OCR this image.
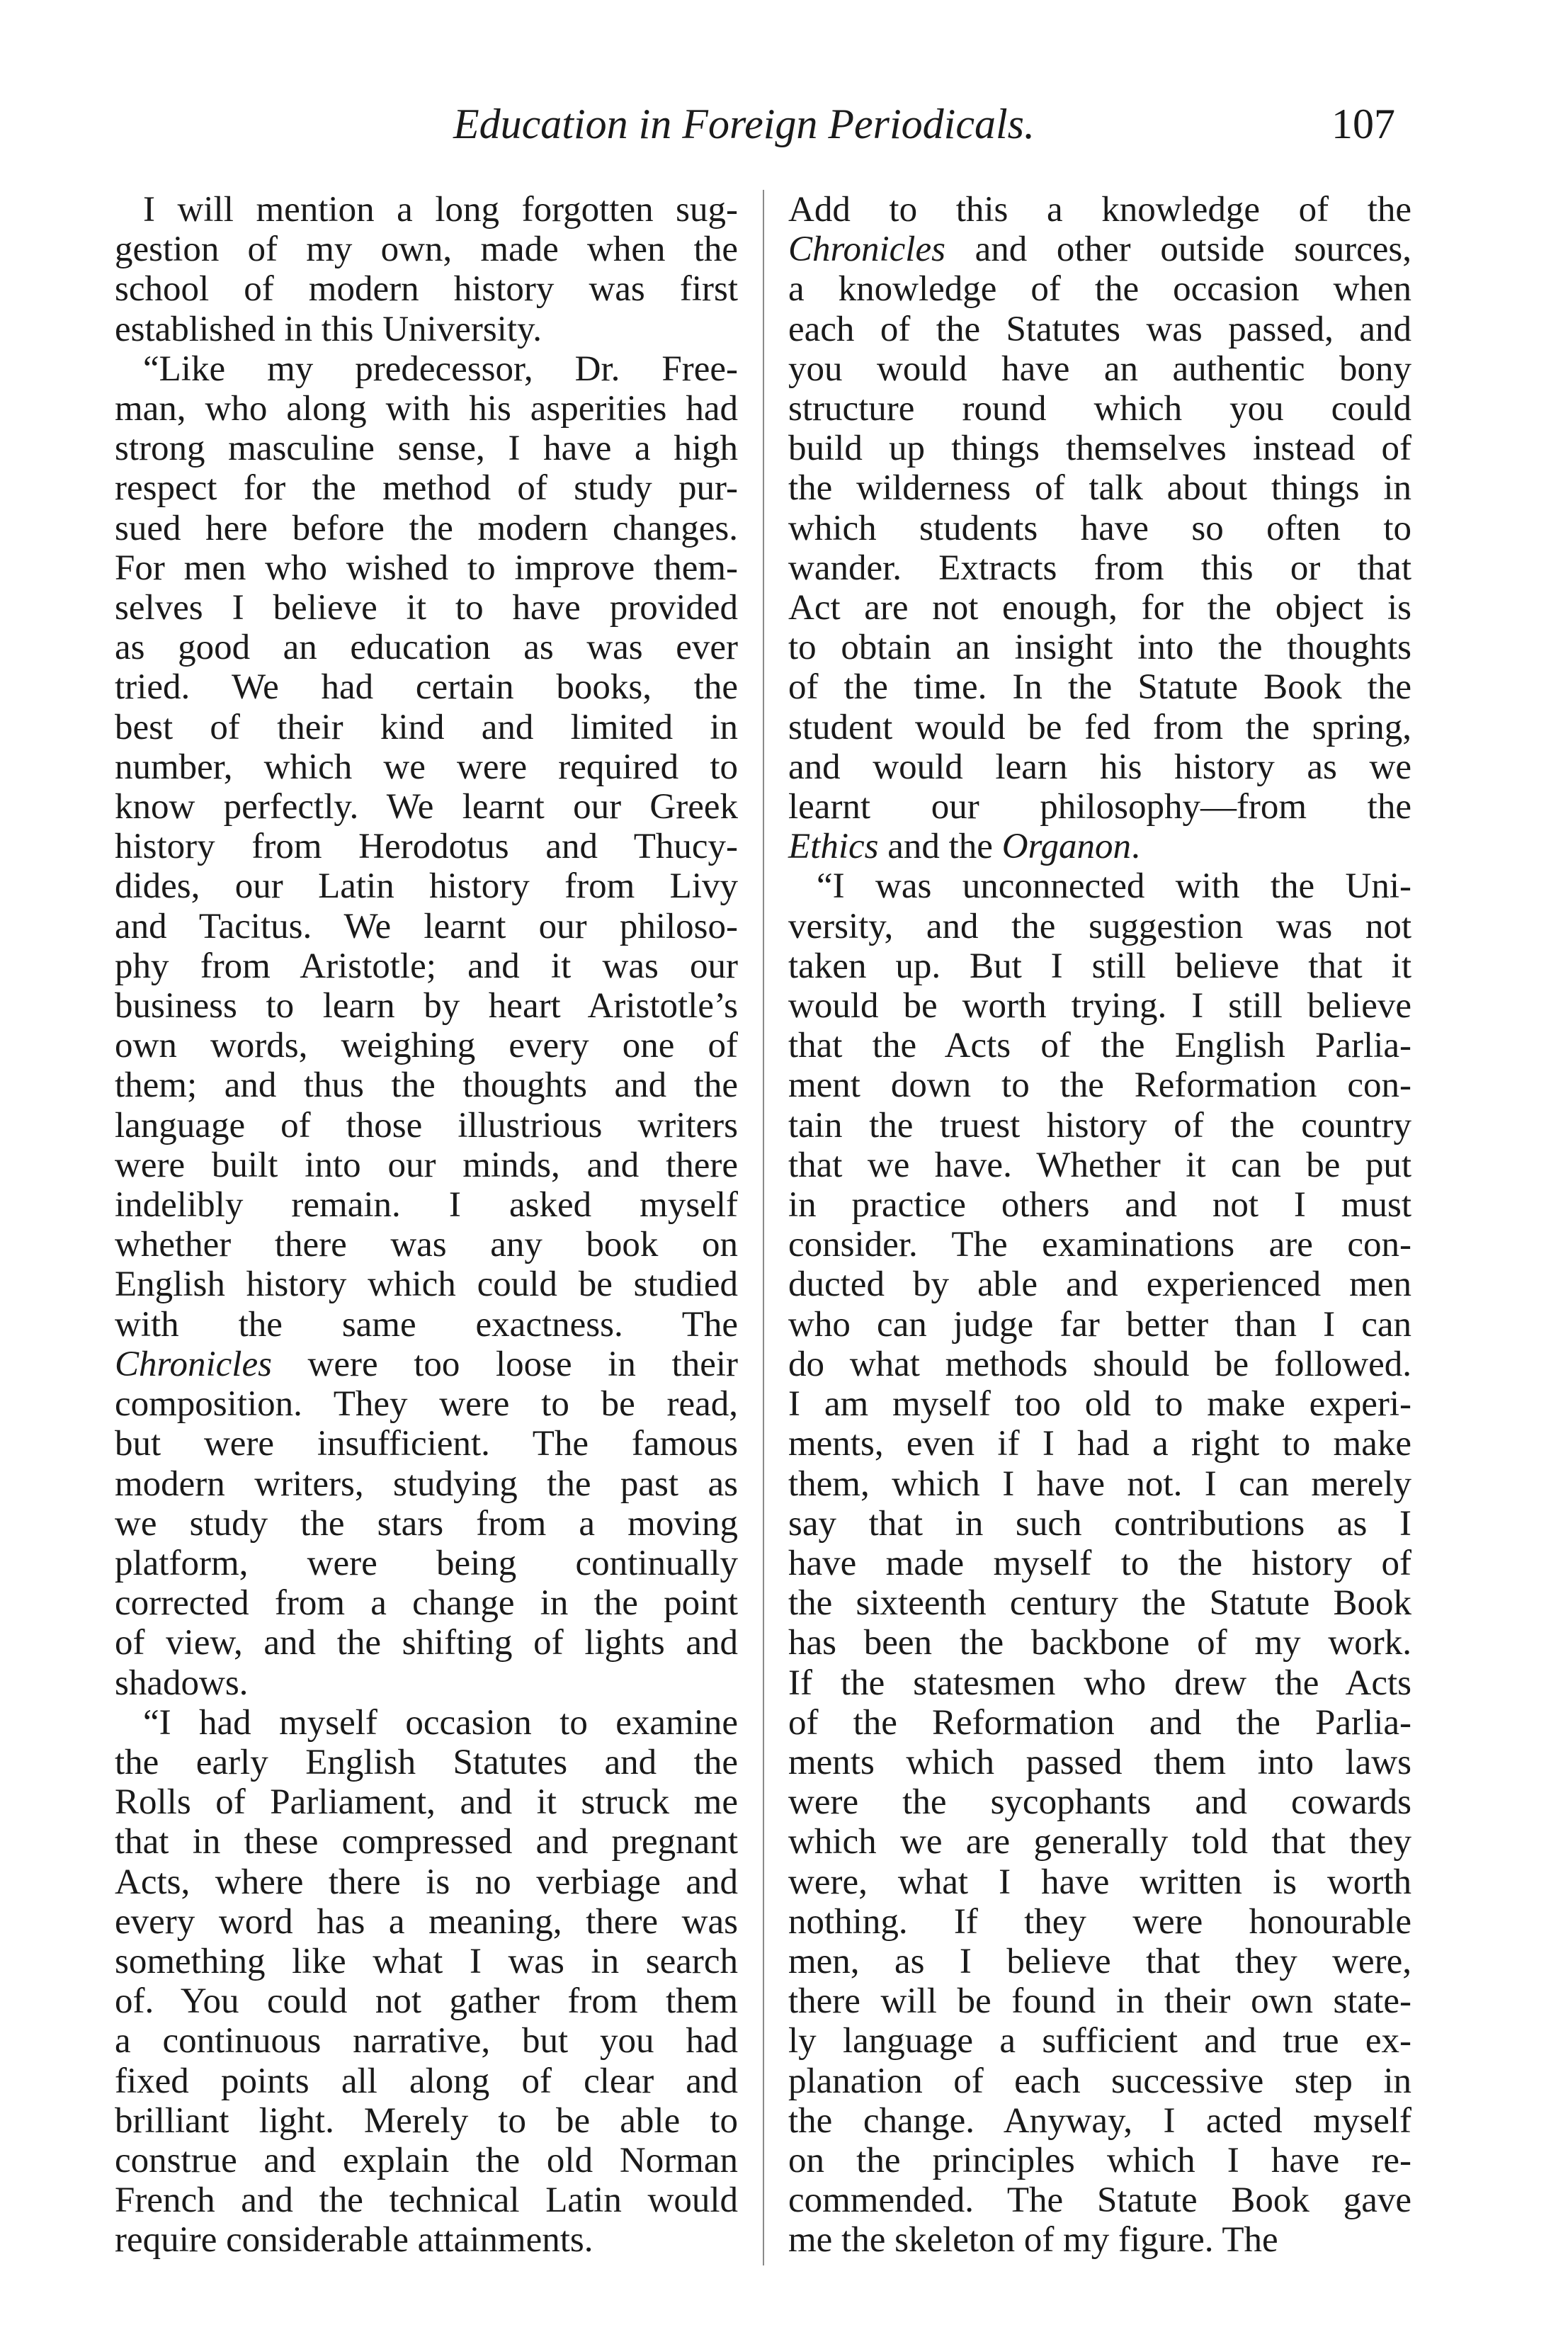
Education in Foreign Periodicals.	107

I will mention a long forgotten sug-

gestion of my own, made when the

school of modern history was first

established in this University.

“Like my predecessor, Dr. Free-

man, who along with his asperities had

strong masculine sense, I have a high

respect for the method of study pur-

sued here before the modern changes.

For men who wished to improve them-

selves I believe it to have provided

as good an education as was ever

tried. We had certain books, the

best of their kind and limited in

number, which we were required to

know perfectly. We learnt our Greek

history from Herodotus and Thucy-

dides, our Latin history from Livy

and Tacitus. We learnt our philoso-

phy from Aristotle; and it was our

business to learn by heart Aristotle’s

own words, weighing every one of

them; and thus the thoughts and the

language of those illustrious writers

were built into our minds, and there

indelibly remain. I asked myself

whether there was any book on

English history which could be studied

with the same exactness. The

Chronicles were too loose in their

composition. They were to be read,

but were insufficient. The famous

modern writers, studying the past as

we study the stars from a moving

platform, were being continually

corrected from a change in the point

of view, and the shifting of lights and

shadows.

“I had myself occasion to examine

the early English Statutes and the

Rolls of Parliament, and it struck me

that in these compressed and pregnant

Acts, where there is no verbiage and

every word has a meaning, there was

something like what I was in search

of. You could not gather from them

a continuous narrative, but you had

fixed points all along of clear and

brilliant light. Merely to be able to

construe and explain the old Norman

French and the technical Latin would

require considerable attainments.

Add to this a knowledge of the

Chronicles and other outside sources,

a knowledge of the occasion when

each of the Statutes was passed, and

you would have an authentic bony

structure round which you could

build up things themselves instead of

the wilderness of talk about things in

which students have so often to

wander. Extracts from this or that

Act are not enough, for the object is

to obtain an insight into the thoughts

of the time. In the Statute Book the

student would be fed from the spring,

and would learn his history as we

learnt our philosophy—from the

Ethics and the Organon.

“I was unconnected with the Uni-

versity, and the suggestion was not

taken up. But I still believe that it

would be worth trying. I still believe

that the Acts of the English Parlia-

ment down to the Reformation con-

tain the truest history of the country

that we have. Whether it can be put

in practice others and not I must

consider. The examinations are con-

ducted by able and experienced men

who can judge far better than I can

do what methods should be followed.

I am myself too old to make experi-

ments, even if I had a right to make

them, which I have not. I can merely

say that in such contributions as I

have made myself to the history of

the sixteenth century the Statute Book

has been the backbone of my work.

If the statesmen who drew the Acts

of the Reformation and the Parlia-

ments which passed them into laws

were the sycophants and cowards

which we are generally told that they

were, what I have written is worth

nothing. If they were honourable

men, as I believe that they were,

there will be found in their own state-

ly language a sufficient and true ex-

planation of each successive step in

the change. Anyway, I acted myself

on the principles which I have re-

commended. The Statute Book gave

me the skeleton of my figure. The
